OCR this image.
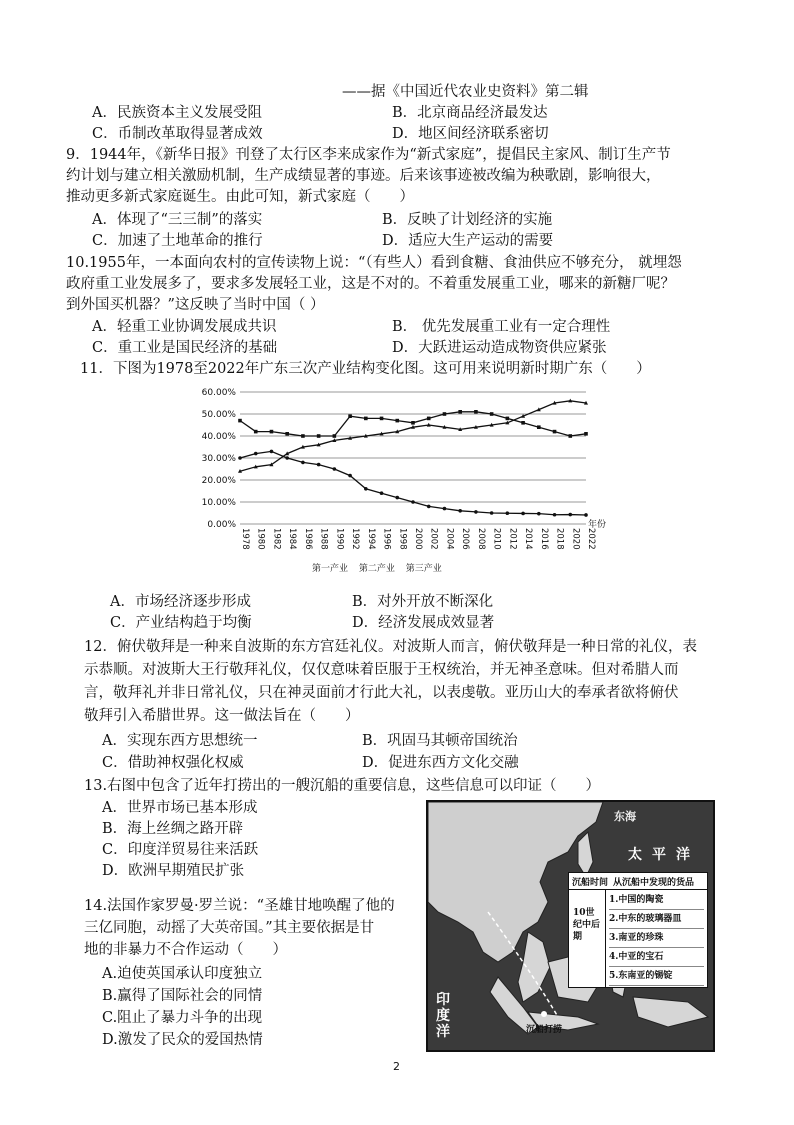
——据《中国近代农业史资料》第二辑
A．民族资本主义发展受阻	B．北京商品经济最发达
C．币制改革取得显著成效	D．地区间经济联系密切
9．1944年，《新华日报》刊登了太行区李来成家作为“新式家庭”，提倡民主家风、制订生产节
约计划与建立相关激励机制，生产成绩显著的事迹。后来该事迹被改编为秧歌剧，影响很大，
推动更多新式家庭诞生。由此可知，新式家庭（　　）
A．体现了“三三制”的落实	B．反映了计划经济的实施
C．加速了土地革命的推行	D．适应大生产运动的需要
10.1955年，一本面向农村的宣传读物上说：“（有些人）看到食糖、食油供应不够充分， 就埋怨
政府重工业发展多了，要求多发展轻工业，这是不对的。不着重发展重工业，哪来的新糖厂呢？
到外国买机器？”这反映了当时中国（ ）
A．轻重工业协调发展成共识	B． 优先发展重工业有一定合理性
C．重工业是国民经济的基础	D．大跃进运动造成物资供应紧张
11．下图为1978至2022年广东三次产业结构变化图。这可用来说明新时期广东（　　）
60.00%
50.00%
40.00%
30.00%
20.00%
10.00%
0.00%
1978 1980 1982 1984 1986 1988 1990 1992 1994 1996 1998 2000 2002 2004 2006 2008 2010 2012 2014 2016 2018 2020 2022
年份
第一产业 第二产业 第三产业
A．市场经济逐步形成	B．对外开放不断深化
C．产业结构趋于均衡	D．经济发展成效显著
12．俯伏敬拜是一种来自波斯的东方宫廷礼仪。对波斯人而言，俯伏敬拜是一种日常的礼仪，表
示恭顺。对波斯大王行敬拜礼仪，仅仅意味着臣服于王权统治，并无神圣意味。但对希腊人而
言，敬拜礼并非日常礼仪，只在神灵面前才行此大礼，以表虔敬。亚历山大的奉承者欲将俯伏
敬拜引入希腊世界。这一做法旨在（　　）
A．实现东西方思想统一	B．巩固马其顿帝国统治
C．借助神权强化权威	D．促进东西方文化交融
13.右图中包含了近年打捞出的一艘沉船的重要信息，这些信息可以印证（　　）
A．世界市场已基本形成
B．海上丝绸之路开辟
C．印度洋贸易往来活跃
D．欧洲早期殖民扩张
14.法国作家罗曼·罗兰说：“圣雄甘地唤醒了他的
三亿同胞，动摇了大英帝国。”其主要依据是甘
地的非暴力不合作运动（　　）
A.迫使英国承认印度独立
B.赢得了国际社会的同情
C.阻止了暴力斗争的出现
D.激发了民众的爱国热情
东海
太平洋
印度洋	沉船打捞
沉船时间 从沉船中发现的货品
10世纪中后期
1.中国的陶瓷
2.中东的玻璃器皿
3.南亚的珍珠
4.中亚的宝石
5.东南亚的锡锭
2
